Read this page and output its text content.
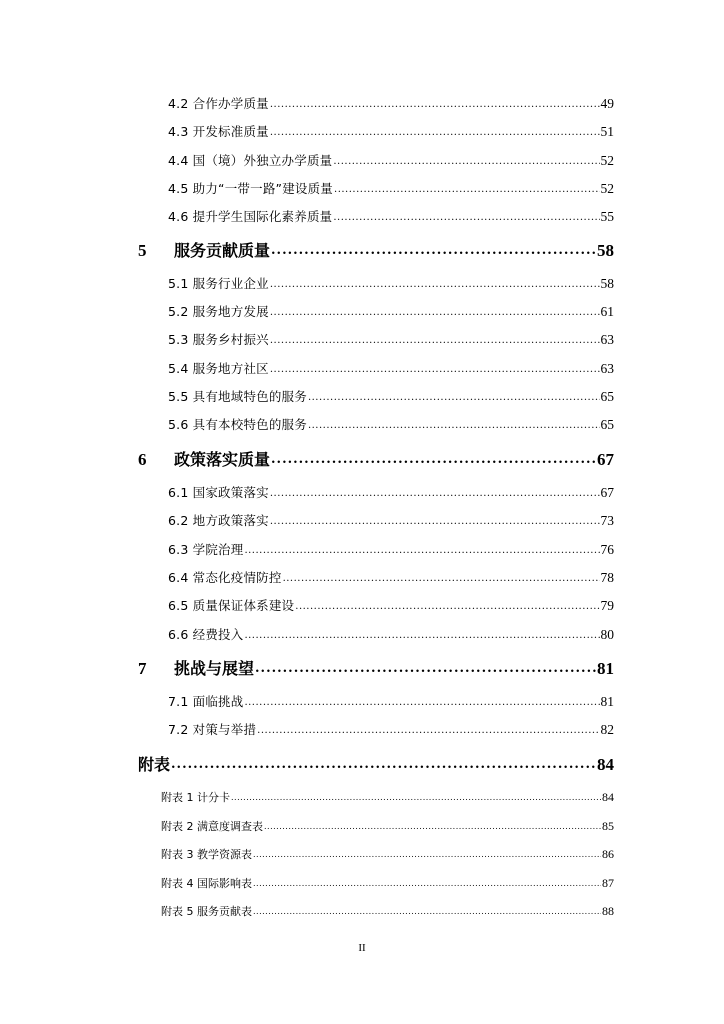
4.2 合作办学质量 .....	49
4.3 开发标准质量 .....	51
4.4 国（境）外独立办学质量 .....	52
4.5 助力“一带一路”建设质量 .....	52
4.6 提升学生国际化素养质量 .....	55
5	服务贡献质量 .....	58
5.1 服务行业企业 .....	58
5.2 服务地方发展 .....	61
5.3 服务乡村振兴 .....	63
5.4 服务地方社区 .....	63
5.5 具有地域特色的服务 .....	65
5.6 具有本校特色的服务 .....	65
6	政策落实质量 .....	67
6.1 国家政策落实 .....	67
6.2 地方政策落实 .....	73
6.3 学院治理 .....	76
6.4 常态化疫情防控 .....	78
6.5 质量保证体系建设 .....	79
6.6 经费投入 .....	80
7	挑战与展望 .....	81
7.1 面临挑战 .....	81
7.2 对策与举措 .....	82
附表 .....	84
附表 1 计分卡 .....	84
附表 2 满意度调查表 .....	85
附表 3 教学资源表 .....	86
附表 4 国际影响表 .....	87
附表 5 服务贡献表 .....	88
II
